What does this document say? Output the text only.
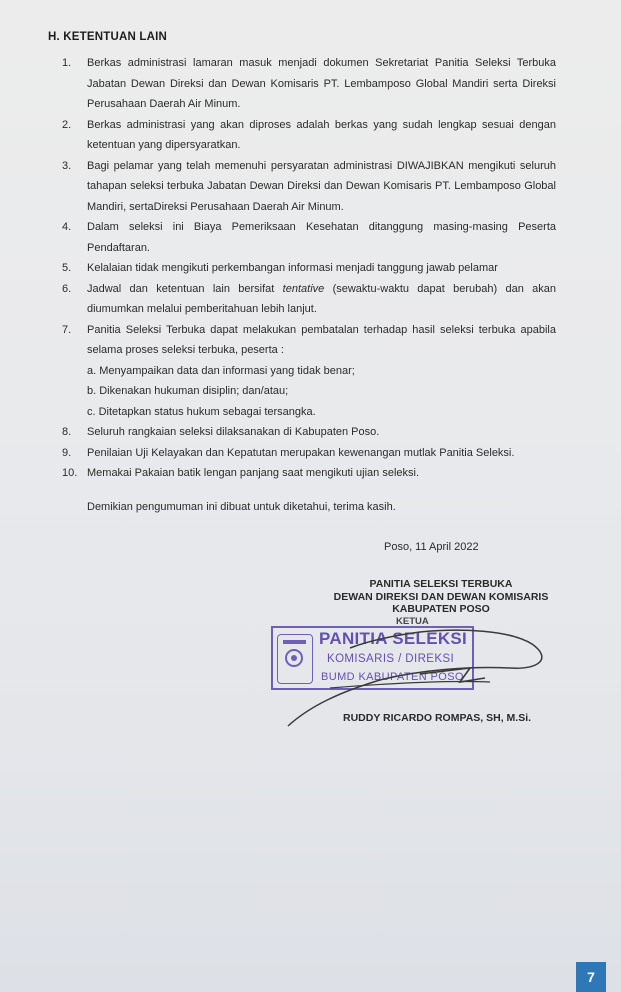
H. KETENTUAN LAIN
1.	Berkas administrasi lamaran masuk menjadi dokumen Sekretariat Panitia Seleksi Terbuka Jabatan Dewan Direksi dan Dewan Komisaris PT. Lembamposo Global Mandiri serta Direksi Perusahaan Daerah Air Minum.
2.	Berkas administrasi yang akan diproses adalah berkas yang sudah lengkap sesuai dengan ketentuan yang dipersyaratkan.
3.	Bagi pelamar yang telah memenuhi persyaratan administrasi DIWAJIBKAN mengikuti seluruh tahapan seleksi terbuka Jabatan Dewan Direksi dan Dewan Komisaris PT. Lembamposo Global Mandiri, sertaDireksi Perusahaan Daerah Air Minum.
4.	Dalam seleksi ini Biaya Pemeriksaan Kesehatan ditanggung masing-masing Peserta Pendaftaran.
5.	Kelalaian tidak mengikuti perkembangan informasi menjadi tanggung jawab pelamar
6.	Jadwal dan ketentuan lain bersifat tentative (sewaktu-waktu dapat berubah) dan akan diumumkan melalui pemberitahuan lebih lanjut.
7.	Panitia Seleksi Terbuka dapat melakukan pembatalan terhadap hasil seleksi terbuka apabila selama proses seleksi terbuka, peserta :
a. Menyampaikan data dan informasi yang tidak benar;
b. Dikenakan hukuman disiplin; dan/atau;
c. Ditetapkan status hukum sebagai tersangka.
8.	Seluruh rangkaian seleksi dilaksanakan di Kabupaten Poso.
9.	Penilaian Uji Kelayakan dan Kepatutan merupakan kewenangan mutlak Panitia Seleksi.
10. Memakai Pakaian batik lengan panjang saat mengikuti ujian seleksi.
Demikian pengumuman ini dibuat untuk diketahui, terima kasih.
Poso, 11 April 2022
PANITIA SELEKSI TERBUKA
DEWAN DIREKSI DAN DEWAN KOMISARIS
KABUPATEN POSO
KETUA
PANITIA SELEKSI
KOMISARIS / DIREKSI
BUMD KABUPATEN POSO
RUDDY RICARDO ROMPAS, SH, M.Si.
7
